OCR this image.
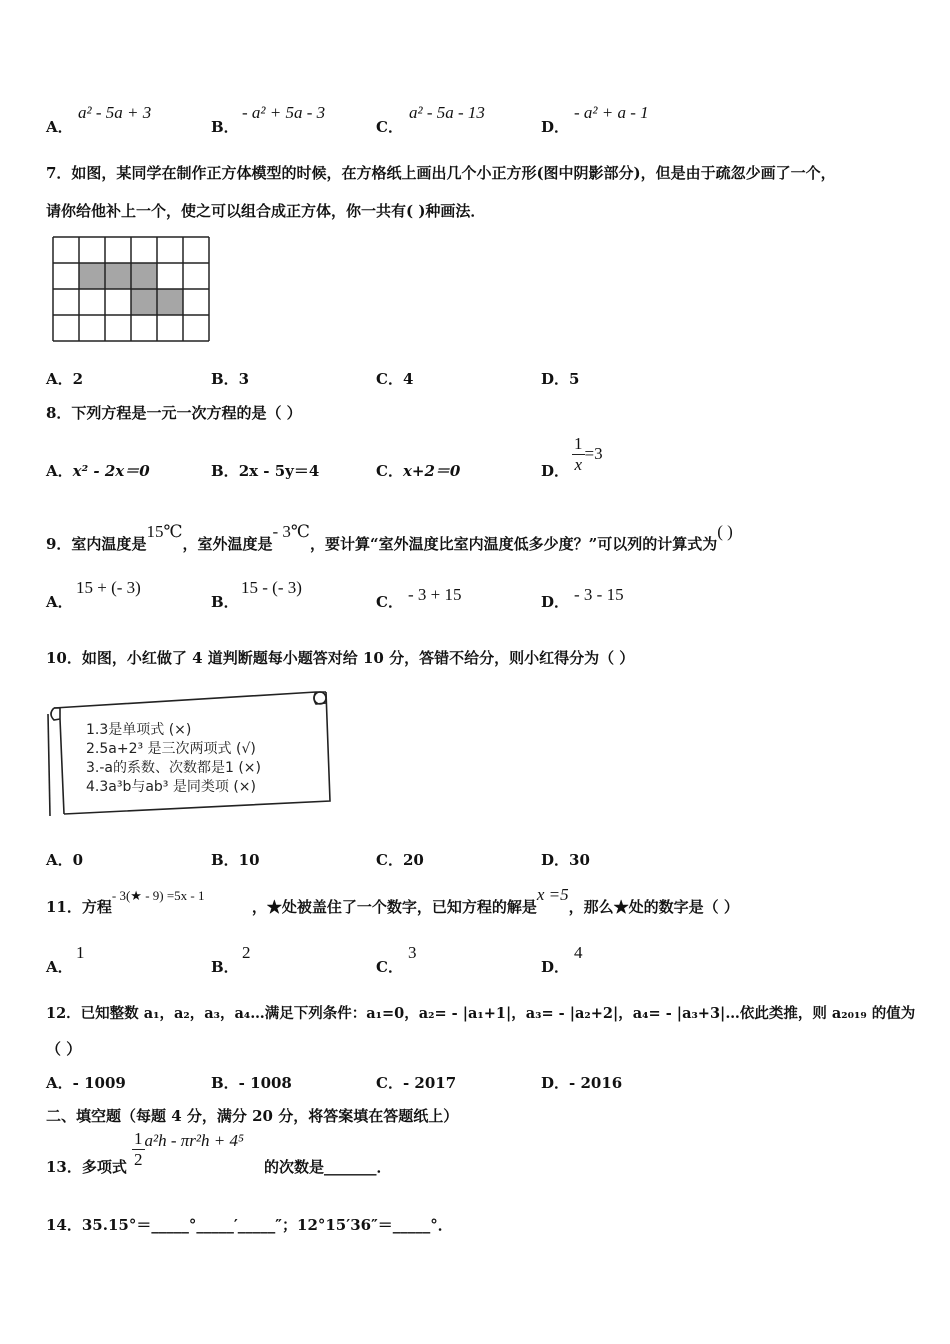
A．
a² - 5a + 3
B．
- a² + 5a - 3
C．
a² - 5a - 13
D．
- a² + a - 1
7．如图，某同学在制作正方体模型的时候，在方格纸上画出几个小正方形(图中阴影部分)，但是由于疏忽少画了一个，
请你给他补上一个，使之可以组合成正方体，你一共有( )种画法．
A．2	B．3	C．4	D．5
8．下列方程是一元一次方程的是（ ）
A．x² - 2x＝0	B．2x - 5y＝4	C．x+2＝0	D． $\frac{1}{x} =3$
9．室内温度是15℃，室外温度是- 3℃，要计算“室外温度比室内温度低多少度？”可以列的计算式为( )
A．
15 + (- 3)
B．
15 - (- 3)
C． - 3 + 15	D． - 3 - 15
10．如图，小红做了 4 道判断题每小题答对给 10 分，答错不给分，则小红得分为（ ）
1.3是单项式 (×)
2.5a+2³ 是三次两项式 (√)
3.-a的系数、次数都是1 (×)
4.3a³b与ab³ 是同类项 (×)
A．0	B．10	C．20	D．30
11．方程- 3(★ - 9) =5x - 1，★处被盖住了一个数字，已知方程的解是x =5，那么★处的数字是（ ）
A．
1
B．
2
C．
3
D．
4
12．已知整数 a₁，a₂，a₃，a₄…满足下列条件：a₁=0，a₂= - |a₁+1|，a₃= - |a₂+2|，a₄= - |a₃+3|…依此类推，则 a₂₀₁₉ 的值为
（ ）
A．- 1009	B．- 1008	C．- 2017	D．- 2016
二、填空题（每题 4 分，满分 20 分，将答案填在答题纸上）
13．多项式 $\frac{1}{2} a^2h - \pi r^2h + 4^5$
的次数是_______．
14．35.15°＝_____°_____′_____″；12°15′36″＝_____°．
